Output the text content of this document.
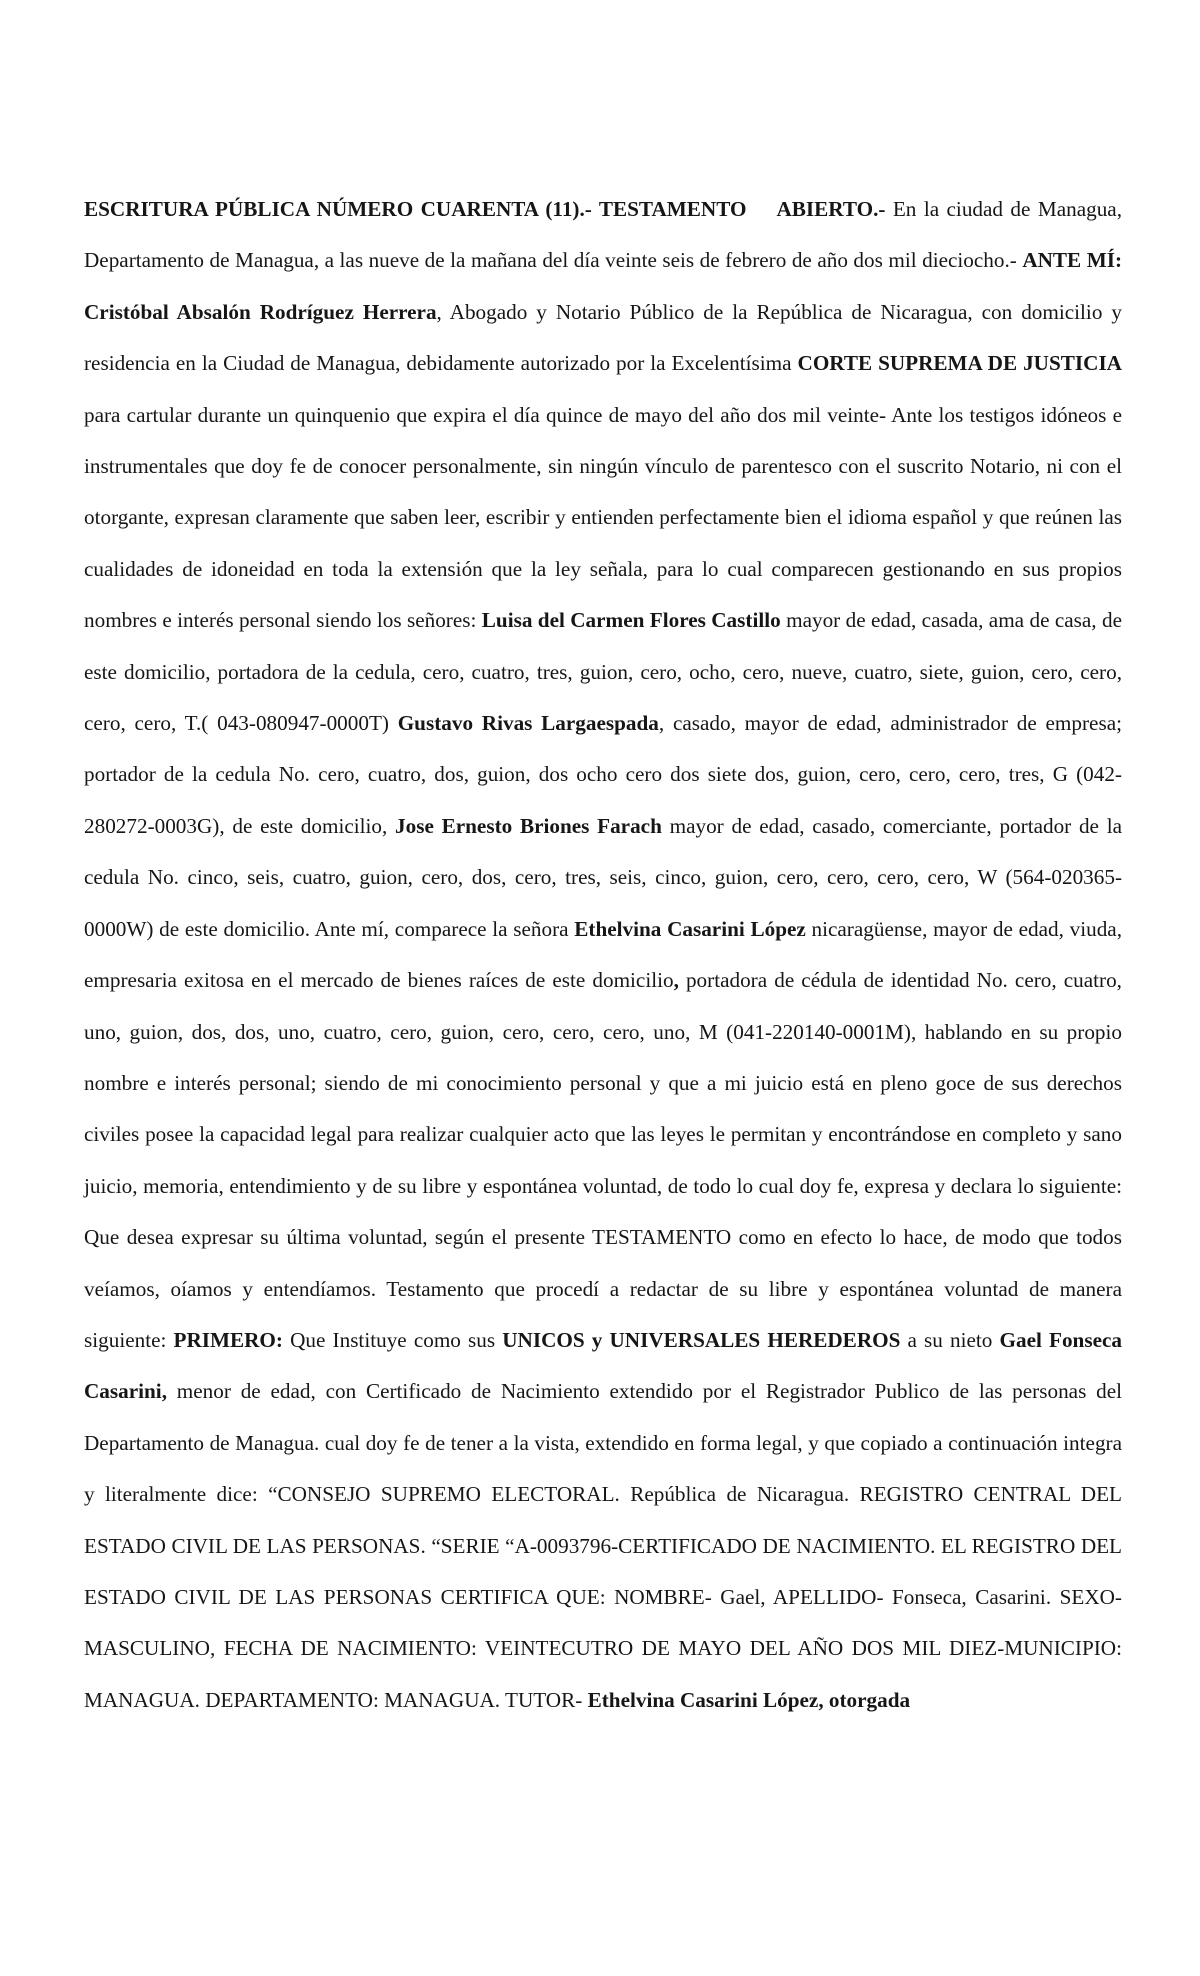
ESCRITURA PÚBLICA NÚMERO CUARENTA (11).- TESTAMENTO ABIERTO.- En la ciudad de Managua, Departamento de Managua, a las nueve de la mañana del día veinte seis de febrero de año dos mil dieciocho.- ANTE MÍ: Cristóbal Absalón Rodríguez Herrera, Abogado y Notario Público de la República de Nicaragua, con domicilio y residencia en la Ciudad de Managua, debidamente autorizado por la Excelentísima CORTE SUPREMA DE JUSTICIA para cartular durante un quinquenio que expira el día quince de mayo del año dos mil veinte- Ante los testigos idóneos e instrumentales que doy fe de conocer personalmente, sin ningún vínculo de parentesco con el suscrito Notario, ni con el otorgante, expresan claramente que saben leer, escribir y entienden perfectamente bien el idioma español y que reúnen las cualidades de idoneidad en toda la extensión que la ley señala, para lo cual comparecen gestionando en sus propios nombres e interés personal siendo los señores: Luisa del Carmen Flores Castillo mayor de edad, casada, ama de casa, de este domicilio, portadora de la cedula, cero, cuatro, tres, guion, cero, ocho, cero, nueve, cuatro, siete, guion, cero, cero, cero, cero, T.( 043-080947-0000T) Gustavo Rivas Largaespada, casado, mayor de edad, administrador de empresa; portador de la cedula No. cero, cuatro, dos, guion, dos ocho cero dos siete dos, guion, cero, cero, cero, tres, G (042-280272-0003G), de este domicilio, Jose Ernesto Briones Farach mayor de edad, casado, comerciante, portador de la cedula No. cinco, seis, cuatro, guion, cero, dos, cero, tres, seis, cinco, guion, cero, cero, cero, cero, W (564-020365-0000W) de este domicilio. Ante mí, comparece la señora Ethelvina Casarini López nicaragüense, mayor de edad, viuda, empresaria exitosa en el mercado de bienes raíces de este domicilio, portadora de cédula de identidad No. cero, cuatro, uno, guion, dos, dos, uno, cuatro, cero, guion, cero, cero, cero, uno, M (041-220140-0001M), hablando en su propio nombre e interés personal; siendo de mi conocimiento personal y que a mi juicio está en pleno goce de sus derechos civiles posee la capacidad legal para realizar cualquier acto que las leyes le permitan y encontrándose en completo y sano juicio, memoria, entendimiento y de su libre y espontánea voluntad, de todo lo cual doy fe, expresa y declara lo siguiente: Que desea expresar su última voluntad, según el presente TESTAMENTO como en efecto lo hace, de modo que todos veíamos, oíamos y entendíamos. Testamento que procedí a redactar de su libre y espontánea voluntad de manera siguiente: PRIMERO: Que Instituye como sus UNICOS y UNIVERSALES HEREDEROS a su nieto Gael Fonseca Casarini, menor de edad, con Certificado de Nacimiento extendido por el Registrador Publico de las personas del Departamento de Managua. cual doy fe de tener a la vista, extendido en forma legal, y que copiado a continuación integra y literalmente dice: “CONSEJO SUPREMO ELECTORAL. República de Nicaragua. REGISTRO CENTRAL DEL ESTADO CIVIL DE LAS PERSONAS. “SERIE “A-0093796-CERTIFICADO DE NACIMIENTO. EL REGISTRO DEL ESTADO CIVIL DE LAS PERSONAS CERTIFICA QUE: NOMBRE- Gael, APELLIDO- Fonseca, Casarini. SEXO-MASCULINO, FECHA DE NACIMIENTO: VEINTECUTRO DE MAYO DEL AÑO DOS MIL DIEZ-MUNICIPIO: MANAGUA. DEPARTAMENTO: MANAGUA. TUTOR- Ethelvina Casarini López, otorgada
